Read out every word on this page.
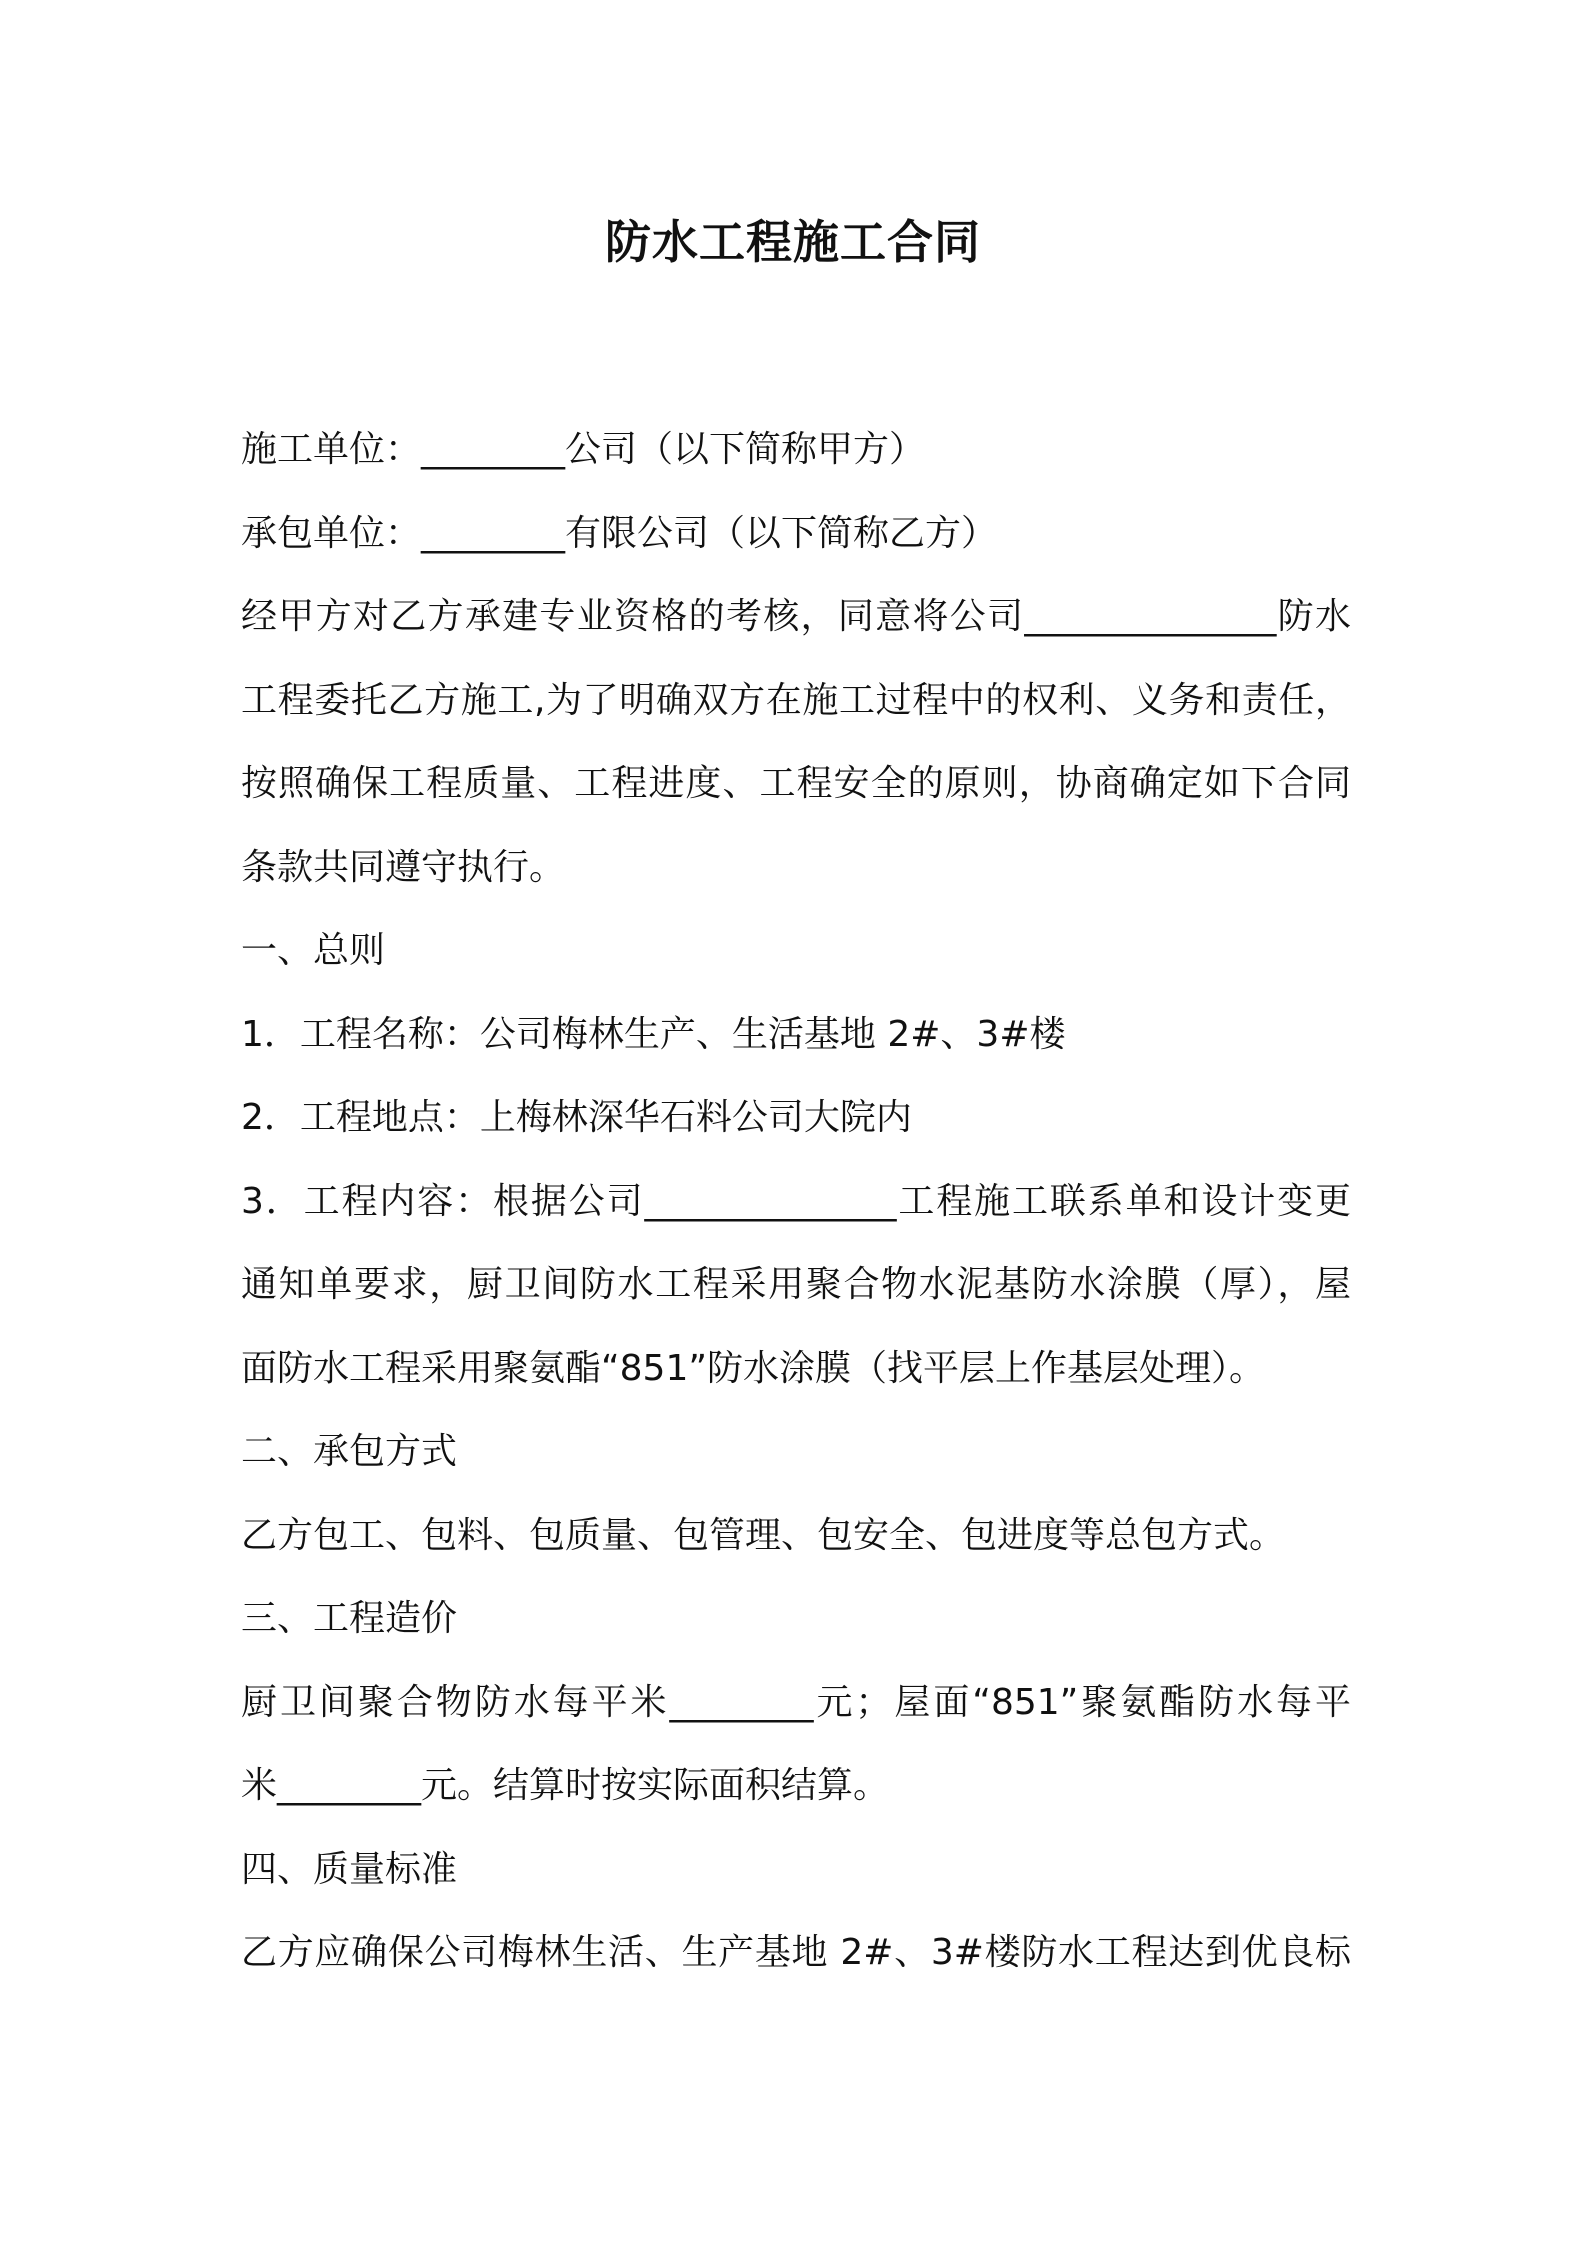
防水工程施工合同
施工单位：________公司（以下简称甲方）
承包单位：________有限公司（以下简称乙方）
经甲方对乙方承建专业资格的考核，同意将公司______________防水
工程委托乙方施工,为了明确双方在施工过程中的权利、义务和责任，
按照确保工程质量、工程进度、工程安全的原则，协商确定如下合同
条款共同遵守执行。
一、总则
1．工程名称：公司梅林生产、生活基地 2#、3#楼
2．工程地点：上梅林深华石料公司大院内
3．工程内容：根据公司______________工程施工联系单和设计变更
通知单要求，厨卫间防水工程采用聚合物水泥基防水涂膜（厚），屋
面防水工程采用聚氨酯“851”防水涂膜（找平层上作基层处理）。
二、承包方式
乙方包工、包料、包质量、包管理、包安全、包进度等总包方式。
三、工程造价
厨卫间聚合物防水每平米________元；屋面“851”聚氨酯防水每平
米________元。结算时按实际面积结算。
四、质量标准
乙方应确保公司梅林生活、生产基地 2#、3#楼防水工程达到优良标
